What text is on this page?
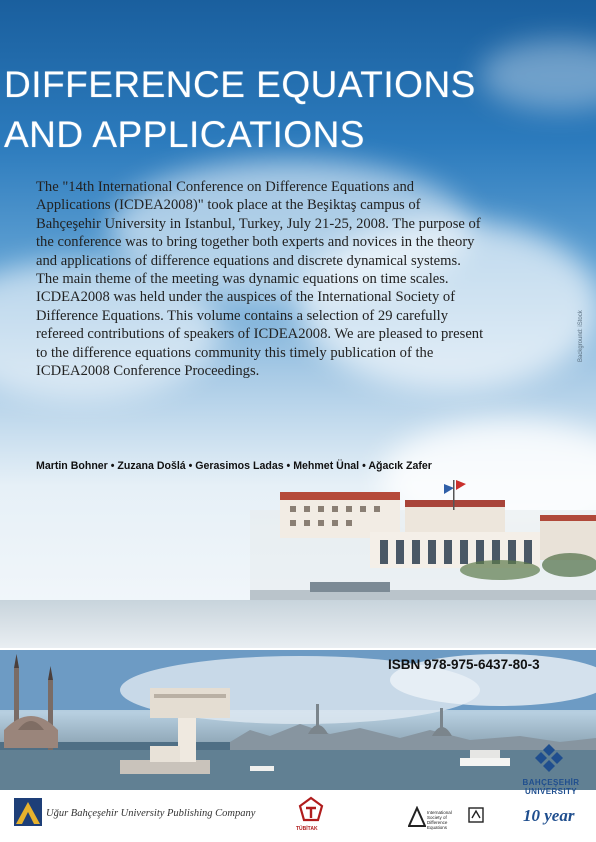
Background: iStock
DIFFERENCE EQUATIONS
AND APPLICATIONS

The "14th International Conference on Difference Equations and Applications (ICDEA2008)" took place at the Beşiktaş campus of Bahçeşehir University in Istanbul, Turkey, July 21-25, 2008. The purpose of the conference was to bring together both experts and novices in the theory and applications of difference equations and discrete dynamical systems. The main theme of the meeting was dynamic equations on time scales. ICDEA2008 was held under the auspices of the International Society of Difference Equations. This volume contains a selection of 29 carefully refereed contributions of speakers of ICDEA2008. We are pleased to present to the difference equations community this timely publication of the ICDEA2008 Conference Proceedings.

Martin Bohner • Zuzana Došlá • Gerasimos Ladas • Mehmet Ünal • Ağacık Zafer
ISBN 978-975-6437-80-3
Uğur Bahçeşehir University Publishing Company
TÜBİTAK
International Society of Difference Equations
BAHÇEŞEHİR
UNIVERSITY
10 year
